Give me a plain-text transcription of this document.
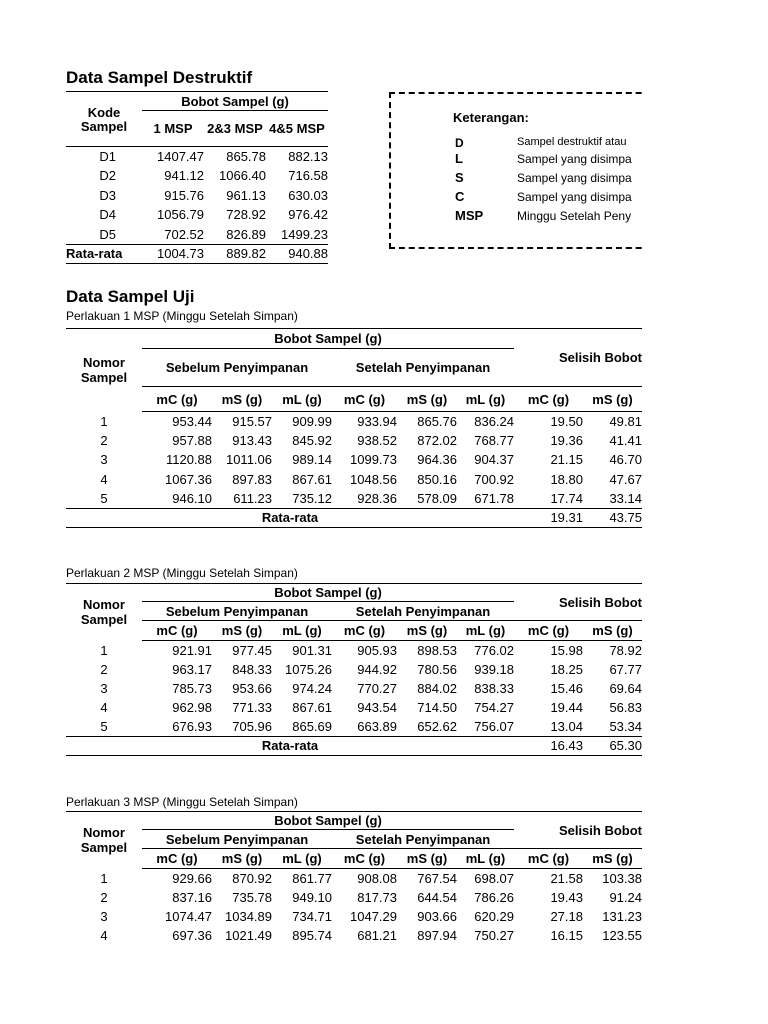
Data Sampel Destruktif
	Bobot Sampel (g)		

Kode
Sampel	1 MSP	2&3 MSP	4&5 MSP
D1	1407.47	865.78	882.13
D2	941.12	1066.40	716.58
D3	915.76	961.13	630.03
D4	1056.79	728.92	976.42
D5	702.52	826.89	1499.23
Rata-rata	1004.73	889.82	940.88
Keterangan:
D	Sampel destruktif atau
L	Sampel yang disimpa
S	Sampel yang disimpa
C	Sampel yang disimpa
MSP	Minggu Setelah Peny
Data Sampel Uji
Perlakuan 1 MSP (Minggu Setelah Simpan)
Nomor
Sampel	Bobot Sampel (g)						Selisih Bobot	
	Sebelum Penyimpanan			Setelah Penyimpanan				
	mC (g)	mS (g)	mL (g)	mC (g)	mS (g)	mL (g)	mC (g)	mS (g)
1	953.44	915.57	909.99	933.94	865.76	836.24	19.50	49.81
2	957.88	913.43	845.92	938.52	872.02	768.77	19.36	41.41
3	1120.88	1011.06	989.14	1099.73	964.36	904.37	21.15	46.70
4	1067.36	897.83	867.61	1048.56	850.16	700.92	18.80	47.67
5	946.10	611.23	735.12	928.36	578.09	671.78	17.74	33.14
Rata-rata							19.31	43.75
Perlakuan 2 MSP (Minggu Setelah Simpan)
Nomor
Sampel	Bobot Sampel (g)						Selisih Bobot	
	Sebelum Penyimpanan			Setelah Penyimpanan				
	mC (g)	mS (g)	mL (g)	mC (g)	mS (g)	mL (g)	mC (g)	mS (g)
1	921.91	977.45	901.31	905.93	898.53	776.02	15.98	78.92
2	963.17	848.33	1075.26	944.92	780.56	939.18	18.25	67.77
3	785.73	953.66	974.24	770.27	884.02	838.33	15.46	69.64
4	962.98	771.33	867.61	943.54	714.50	754.27	19.44	56.83
5	676.93	705.96	865.69	663.89	652.62	756.07	13.04	53.34
Rata-rata							16.43	65.30
Perlakuan 3 MSP (Minggu Setelah Simpan)
Nomor
Sampel	Bobot Sampel (g)						Selisih Bobot	
	Sebelum Penyimpanan			Setelah Penyimpanan				
	mC (g)	mS (g)	mL (g)	mC (g)	mS (g)	mL (g)	mC (g)	mS (g)
1	929.66	870.92	861.77	908.08	767.54	698.07	21.58	103.38
2	837.16	735.78	949.10	817.73	644.54	786.26	19.43	91.24
3	1074.47	1034.89	734.71	1047.29	903.66	620.29	27.18	131.23
4	697.36	1021.49	895.74	681.21	897.94	750.27	16.15	123.55
